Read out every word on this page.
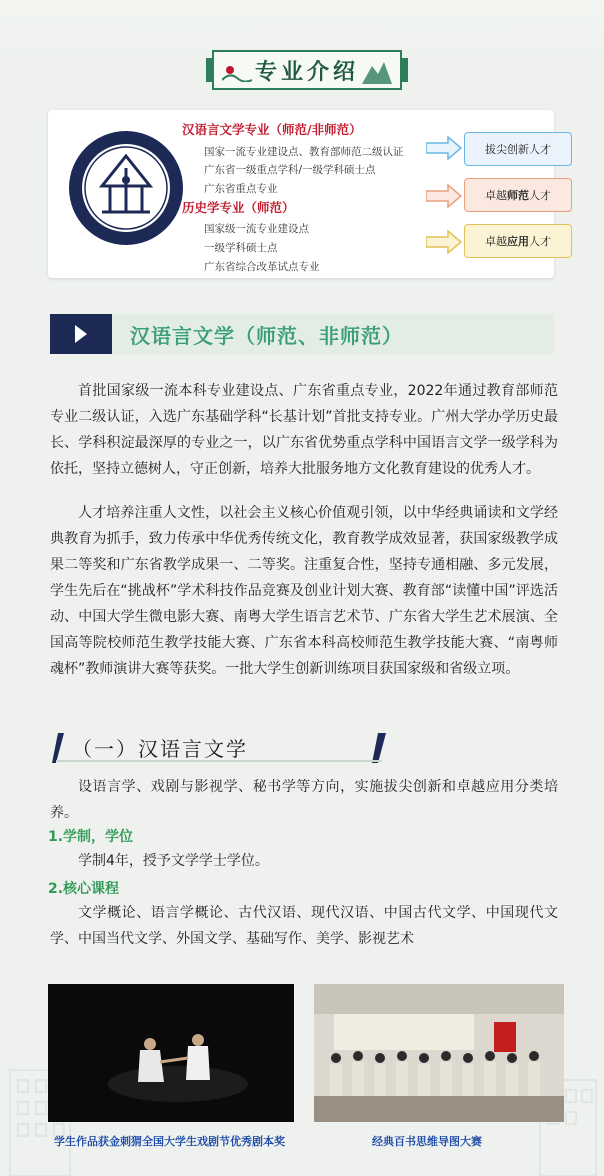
专业介绍
汉语言文学专业（师范/非师范）
国家一流专业建设点、教育部师范二级认证
广东省一级重点学科/一级学科硕士点
广东省重点专业
历史学专业（师范）
国家级一流专业建设点
一级学科硕士点
广东省综合改革试点专业
拔尖创新人才
卓越 师范 人才
卓越 应用 人才
汉语言文学（师范、非师范）
首批国家级一流本科专业建设点、广东省重点专业，2022年通过教育部师范专业二级认证，入选广东基础学科“长基计划”首批支持专业。广州大学办学历史最长、学科积淀最深厚的专业之一，以广东省优势重点学科中国语言文学一级学科为依托，坚持立德树人，守正创新，培养大批服务地方文化教育建设的优秀人才。
人才培养注重人文性，以社会主义核心价值观引领，以中华经典诵读和文学经典教育为抓手，致力传承中华优秀传统文化，教育教学成效显著，获国家级教学成果二等奖和广东省教学成果一、二等奖。注重复合性，坚持专通相融、多元发展，学生先后在“挑战杯”学术科技作品竞赛及创业计划大赛、教育部“读懂中国”评选活动、中国大学生微电影大赛、南粤大学生语言艺术节、广东省大学生艺术展演、全国高等院校师范生教学技能大赛、广东省本科高校师范生教学技能大赛、“南粤师魂杯”教师演讲大赛等获奖。一批大学生创新训练项目获国家级和省级立项。
（一）汉语言文学
设语言学、戏剧与影视学、秘书学等方向，实施拔尖创新和卓越应用分类培养。
1.学制，学位
学制4年，授予文学学士学位。
2.核心课程
文学概论、语言学概论、古代汉语、现代汉语、中国古代文学、中国现代文学、中国当代文学、外国文学、基础写作、美学、影视艺术
学生作品获金刺猬全国大学生戏剧节优秀剧本奖	经典百书思维导图大赛
